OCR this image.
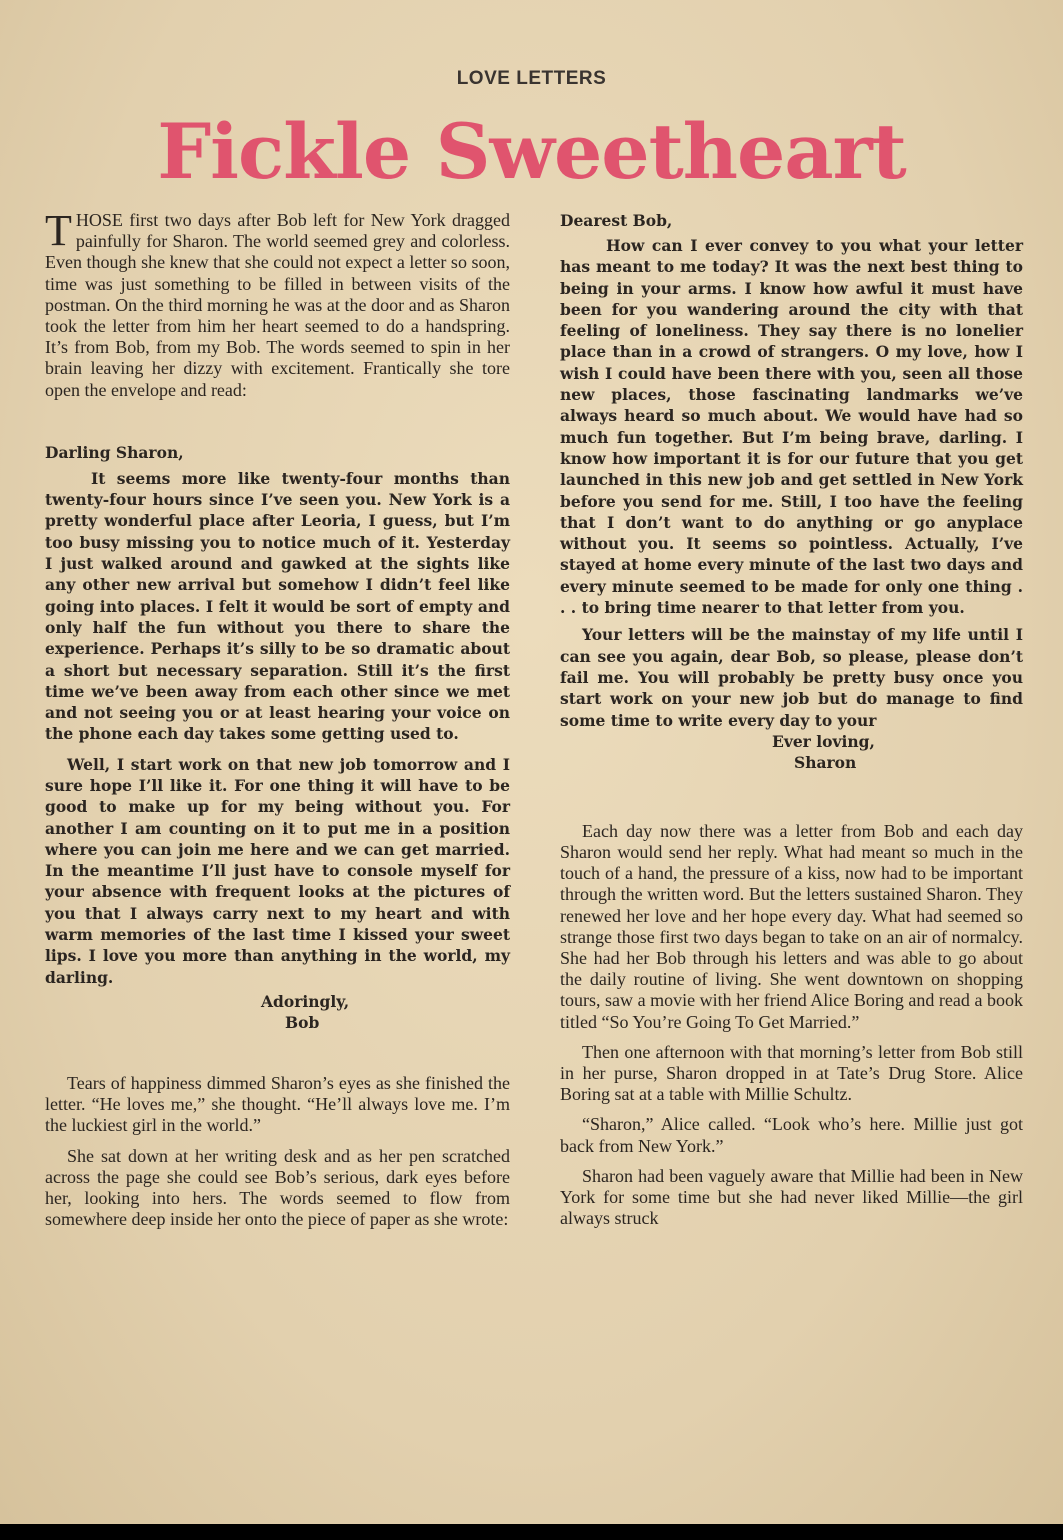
LOVE LETTERS
Fickle Sweetheart

THOSE first two days after Bob left for New York dragged painfully for Sharon. The world seemed grey and colorless. Even though she knew that she could not expect a letter so soon, time was just something to be filled in between visits of the postman. On the third morning he was at the door and as Sharon took the letter from him her heart seemed to do a handspring. It’s from Bob, from my Bob. The words seemed to spin in her brain leaving her dizzy with excitement. Frantically she tore open the envelope and read:

Darling Sharon,

It seems more like twenty-four months than twenty-four hours since I’ve seen you. New York is a pretty wonderful place after Leoria, I guess, but I’m too busy missing you to notice much of it. Yesterday I just walked around and gawked at the sights like any other new arrival but somehow I didn’t feel like going into places. I felt it would be sort of empty and only half the fun without you there to share the experience. Perhaps it’s silly to be so dramatic about a short but necessary separation. Still it’s the first time we’ve been away from each other since we met and not seeing you or at least hearing your voice on the phone each day takes some getting used to.

Well, I start work on that new job tomorrow and I sure hope I’ll like it. For one thing it will have to be good to make up for my being without you. For another I am counting on it to put me in a position where you can join me here and we can get married. In the meantime I’ll just have to console myself for your absence with frequent looks at the pictures of you that I always carry next to my heart and with warm memories of the last time I kissed your sweet lips. I love you more than anything in the world, my darling.

Adoringly,
Bob

Tears of happiness dimmed Sharon’s eyes as she finished the letter. “He loves me,” she thought. “He’ll always love me. I’m the luckiest girl in the world.”

She sat down at her writing desk and as her pen scratched across the page she could see Bob’s serious, dark eyes before her, looking into hers. The words seemed to flow from somewhere deep inside her onto the piece of paper as she wrote:

Dearest Bob,

How can I ever convey to you what your letter has meant to me today? It was the next best thing to being in your arms. I know how awful it must have been for you wandering around the city with that feeling of loneliness. They say there is no lonelier place than in a crowd of strangers. O my love, how I wish I could have been there with you, seen all those new places, those fascinating landmarks we’ve always heard so much about. We would have had so much fun together. But I’m being brave, darling. I know how important it is for our future that you get launched in this new job and get settled in New York before you send for me. Still, I too have the feeling that I don’t want to do anything or go anyplace without you. It seems so pointless. Actually, I’ve stayed at home every minute of the last two days and every minute seemed to be made for only one thing . . . to bring time nearer to that letter from you.

Your letters will be the mainstay of my life until I can see you again, dear Bob, so please, please don’t fail me. You will probably be pretty busy once you start work on your new job but do manage to find some time to write every day to your

Ever loving,
Sharon

Each day now there was a letter from Bob and each day Sharon would send her reply. What had meant so much in the touch of a hand, the pressure of a kiss, now had to be important through the written word. But the letters sustained Sharon. They renewed her love and her hope every day. What had seemed so strange those first two days began to take on an air of normalcy. She had her Bob through his letters and was able to go about the daily routine of living. She went downtown on shopping tours, saw a movie with her friend Alice Boring and read a book titled “So You’re Going To Get Married.”

Then one afternoon with that morning’s letter from Bob still in her purse, Sharon dropped in at Tate’s Drug Store. Alice Boring sat at a table with Millie Schultz.

“Sharon,” Alice called. “Look who’s here. Millie just got back from New York.”

Sharon had been vaguely aware that Millie had been in New York for some time but she had never liked Millie—the girl always struck
